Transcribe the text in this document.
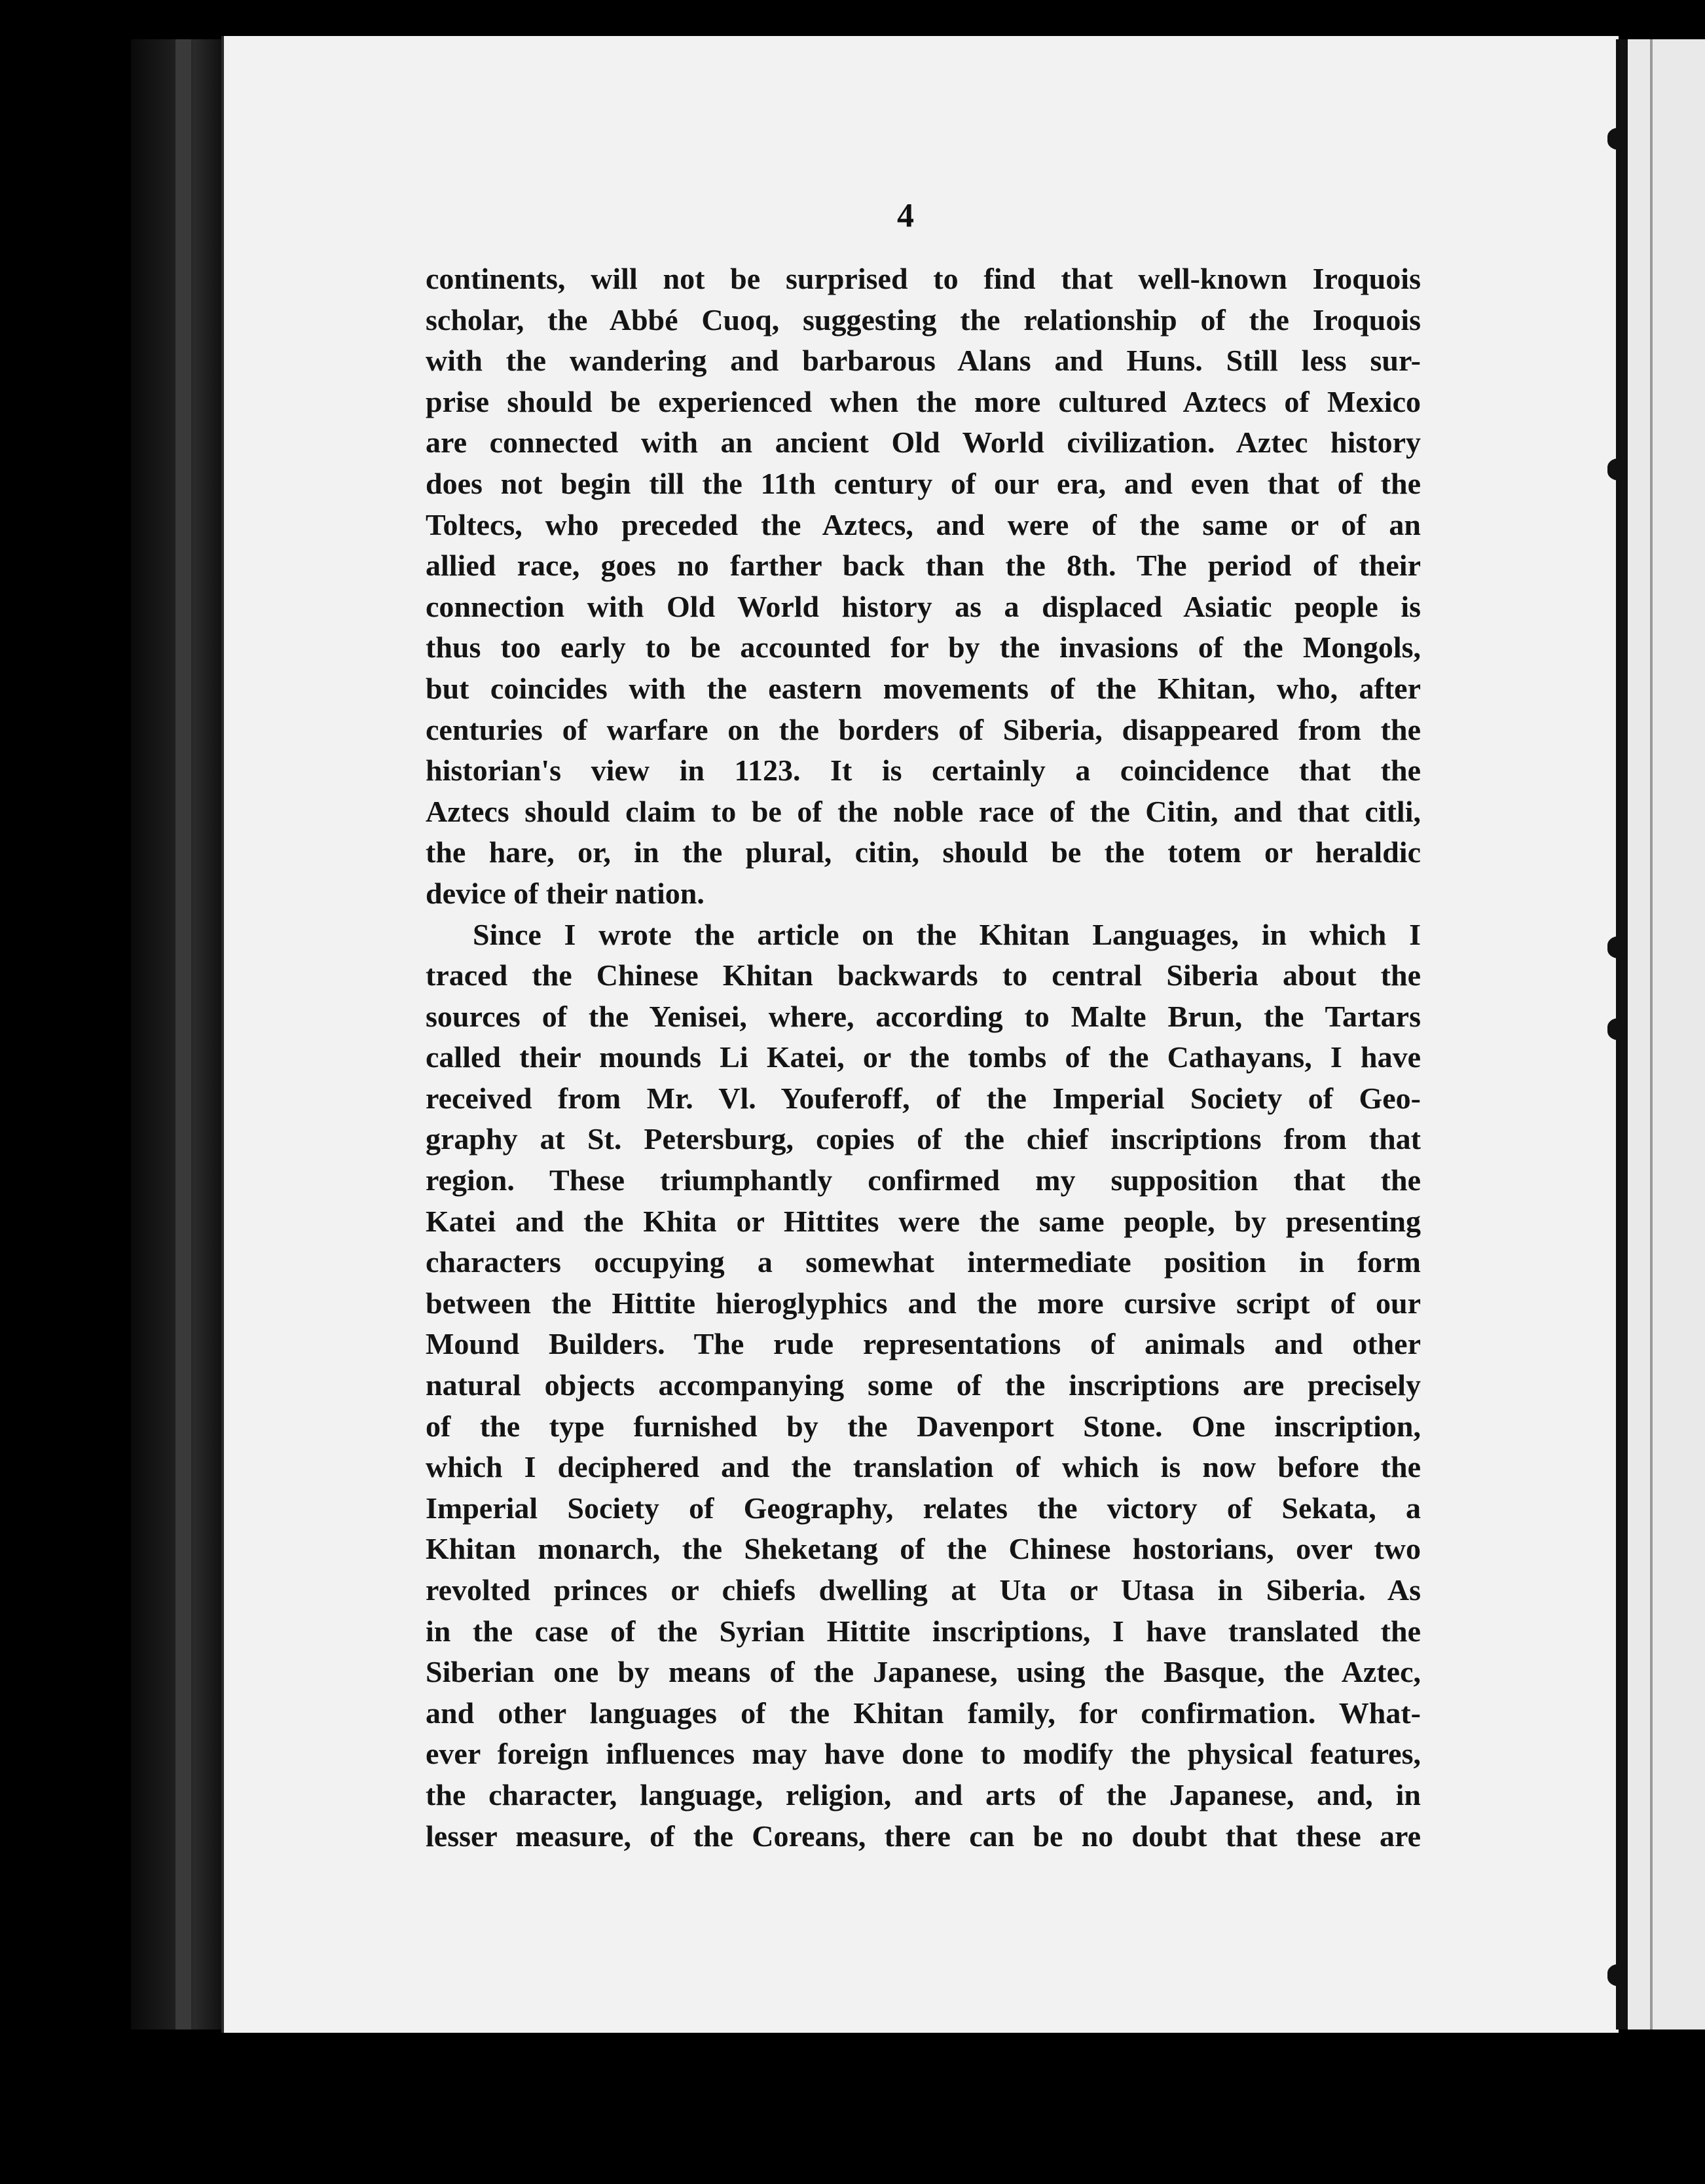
4
continents, will not be surprised to find that well-known Iroquois
scholar, the Abbé Cuoq, suggesting the relationship of the Iroquois
with the wandering and barbarous Alans and Huns. Still less sur-
prise should be experienced when the more cultured Aztecs of Mexico
are connected with an ancient Old World civilization. Aztec history
does not begin till the 11th century of our era, and even that of the
Toltecs, who preceded the Aztecs, and were of the same or of an
allied race, goes no farther back than the 8th. The period of their
connection with Old World history as a displaced Asiatic people is
thus too early to be accounted for by the invasions of the Mongols,
but coincides with the eastern movements of the Khitan, who, after
centuries of warfare on the borders of Siberia, disappeared from the
historian's view in 1123. It is certainly a coincidence that the
Aztecs should claim to be of the noble race of the Citin, and that citli,
the hare, or, in the plural, citin, should be the totem or heraldic
device of their nation.
Since I wrote the article on the Khitan Languages, in which I
traced the Chinese Khitan backwards to central Siberia about the
sources of the Yenisei, where, according to Malte Brun, the Tartars
called their mounds Li Katei, or the tombs of the Cathayans, I have
received from Mr. Vl. Youferoff, of the Imperial Society of Geo-
graphy at St. Petersburg, copies of the chief inscriptions from that
region. These triumphantly confirmed my supposition that the
Katei and the Khita or Hittites were the same people, by presenting
characters occupying a somewhat intermediate position in form
between the Hittite hieroglyphics and the more cursive script of our
Mound Builders. The rude representations of animals and other
natural objects accompanying some of the inscriptions are precisely
of the type furnished by the Davenport Stone. One inscription,
which I deciphered and the translation of which is now before the
Imperial Society of Geography, relates the victory of Sekata, a
Khitan monarch, the Sheketang of the Chinese hostorians, over two
revolted princes or chiefs dwelling at Uta or Utasa in Siberia. As
in the case of the Syrian Hittite inscriptions, I have translated the
Siberian one by means of the Japanese, using the Basque, the Aztec,
and other languages of the Khitan family, for confirmation. What-
ever foreign influences may have done to modify the physical features,
the character, language, religion, and arts of the Japanese, and, in
lesser measure, of the Coreans, there can be no doubt that these are
